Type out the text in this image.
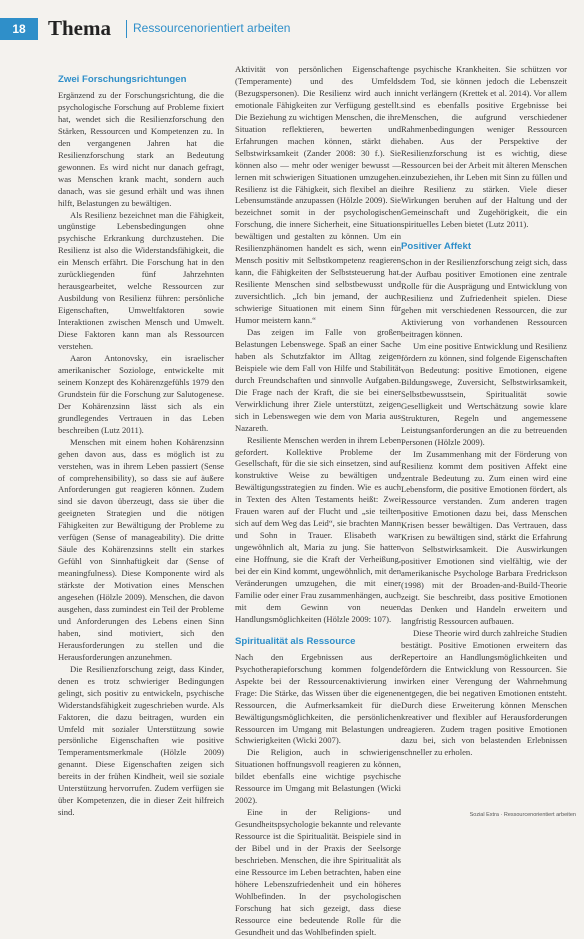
18	Thema Ressourcenorientiert arbeiten
Zwei Forschungsrichtungen

Ergänzend zu der Forschungsrichtung, die die psychologische Forschung auf Probleme fixiert hat, wendet sich die Resilienzforschung den Stärken, Ressourcen und Kompetenzen zu. In den vergangenen Jahren hat die Resilienzforschung stark an Bedeutung gewonnen. Es wird nicht nur danach gefragt, was Menschen krank macht, sondern auch danach, was sie gesund erhält und was ihnen hilft, Belastungen zu bewältigen.

Als Resilienz bezeichnet man die Fähigkeit, ungünstige Lebensbedingungen ohne psychische Erkrankung durchzustehen. Die Resilienz ist also die Widerstandsfähigkeit, die ein Mensch erfährt. Die Forschung hat in den zurückliegenden fünf Jahrzehnten herausgearbeitet, welche Ressourcen zur Ausbildung von Resilienz führen: persönliche Eigenschaften, Umweltfaktoren sowie Interaktionen zwischen Mensch und Umwelt. Diese Faktoren kann man als Ressourcen verstehen.

Aaron Antonovsky, ein israelischer amerikanischer Soziologe, entwickelte mit seinem Konzept des Kohärenzgefühls 1979 den Grundstein für die Forschung zur Salutogenese. Der Kohärenzsinn lässt sich als ein grundlegendes Vertrauen in das Leben beschreiben (Lutz 2011).

Menschen mit einem hohen Kohärenzsinn gehen davon aus, dass es möglich ist zu verstehen, was in ihrem Leben passiert (Sense of comprehensibility), so dass sie auf äußere Anforderungen gut reagieren können. Zudem sind sie davon überzeugt, dass sie über die geeigneten Strategien und die nötigen Fähigkeiten zur Bewältigung der Probleme zu verfügen (Sense of manageability). Die dritte Säule des Kohärenzsinns stellt ein starkes Gefühl von Sinnhaftigkeit dar (Sense of meaningfulness). Diese Komponente wird als stärkste der Motivation eines Menschen angesehen (Hölzle 2009). Menschen, die davon ausgehen, dass zumindest ein Teil der Probleme und Anforderungen des Lebens einen Sinn haben, sind motiviert, sich den Herausforderungen zu stellen und die Herausforderungen anzunehmen.

Die Resilienzforschung zeigt, dass Kinder, denen es trotz schwieriger Bedingungen gelingt, sich positiv zu entwickeln, psychische Widerstandsfähigkeit zugeschrieben wurde. Als Faktoren, die dazu beitragen, wurden ein Umfeld mit sozialer Unterstützung sowie persönliche Eigenschaften wie positive Temperamentsmerkmale (Hölzle 2009) genannt. Diese Eigenschaften zeigen sich bereits in der frühen Kindheit, weil sie soziale Unterstützung hervorrufen. Zudem verfügen sie über Kompetenzen, die in dieser Zeit hilfreich sind.

Aktivität von persönlichen Eigenschaften (Temperamente) und des Umfelds (Bezugspersonen). Die Resilienz wird auch in emotionale Fähigkeiten zur Verfügung gestellt. Die Beziehung zu wichtigen Menschen, die ihre Situation reflektieren, bewerten und Erfahrungen machen können, stärkt die Selbstwirksamkeit (Zander 2008: 30 f.). Sie können also — mehr oder weniger bewusst — lernen mit schwierigen Situationen umzugehen. Resilienz ist die Fähigkeit, sich flexibel an die Lebensumstände anzupassen (Hölzle 2009). Sie bezeichnet somit in der psychologischen Forschung, die innere Sicherheit, eine Situation bewältigen und gestalten zu können. Um ein Resilienzphänomen handelt es sich, wenn ein Mensch positiv mit Selbstkompetenz reagieren kann, die Fähigkeiten der Selbststeuerung hat. Resiliente Menschen sind selbstbewusst und zuversichtlich. „Ich bin jemand, der auch schwierige Situationen mit einem Sinn für Humor meistern kann.“

Das zeigen im Falle von großen Belastungen Lebenswege. Spaß an einer Sache haben als Schutzfaktor im Alltag zeigen Beispiele wie dem Fall von Hilfe und Stabilität durch Freundschaften und sinnvolle Aufgaben. Die Frage nach der Kraft, die sie bei einer Verwirklichung ihrer Ziele unterstützt, zeigen sich in Lebenswegen wie dem von Maria aus Nazareth.

Resiliente Menschen werden in ihrem Leben gefordert. Kollektive Probleme der Gesellschaft, für die sie sich einsetzen, sind auf konstruktive Weise zu bewältigen und Bewältigungsstrategien zu finden. Wie es auch in Texten des Alten Testaments heißt: Zwei Frauen waren auf der Flucht und „sie teilten sich auf dem Weg das Leid“, sie brachten Mann und Sohn in Trauer. Elisabeth war ungewöhnlich alt, Maria zu jung. Sie hatten eine Hoffnung, sie die Kraft der Verheißung, bei der ein Kind kommt, ungewöhnlich, mit den Veränderungen umzugehen, die mit einer Familie oder einer Frau zusammenhängen, auch mit dem Gewinn von neuen Handlungsmöglichkeiten (Hölzle 2009: 107).

Spiritualität als Ressource

Nach den Ergebnissen aus der Psychotherapieforschung kommen folgende Aspekte bei der Ressourcenaktivierung in Frage: Die Stärke, das Wissen über die eigenen Ressourcen, die Aufmerksamkeit für die Bewältigungsmöglichkeiten, die persönlichen Ressourcen im Umgang mit Belastungen und Schwierigkeiten (Wicki 2007).

Die Religion, auch in schwierigen Situationen hoffnungsvoll reagieren zu können, bildet ebenfalls eine wichtige psychische Ressource im Umgang mit Belastungen (Wicki 2002).

Eine in der Religions- und Gesundheitspsychologie bekannte und relevante Ressource ist die Spiritualität. Beispiele sind in der Bibel und in der Praxis der Seelsorge beschrieben. Menschen, die ihre Spiritualität als eine Ressource im Leben betrachten, haben eine höhere Lebenszufriedenheit und ein höheres Wohlbefinden. In der psychologischen Forschung hat sich gezeigt, dass diese Ressource eine bedeutende Rolle für die Gesundheit und das Wohlbefinden spielt.

ge psychische Krankheiten. Sie schützen vor dem Tod, sie können jedoch die Lebenszeit nicht verlängern (Krettek et al. 2014). Vor allem sind es ebenfalls positive Ergebnisse bei Menschen, die aufgrund verschiedener Rahmenbedingungen weniger Ressourcen haben. Aus der Perspektive der Resilienzforschung ist es wichtig, diese Ressourcen bei der Arbeit mit älteren Menschen einzubeziehen, ihr Leben mit Sinn zu füllen und ihre Resilienz zu stärken. Viele dieser Wirkungen beruhen auf der Haltung und der Gemeinschaft und Zugehörigkeit, die ein spirituelles Leben bietet (Lutz 2011).

Positiver Affekt

Schon in der Resilienzforschung zeigt sich, dass der Aufbau positiver Emotionen eine zentrale Rolle für die Ausprägung und Entwicklung von Resilienz und Zufriedenheit spielen. Diese gehen mit verschiedenen Ressourcen, die zur Aktivierung von vorhandenen Ressourcen beitragen können.

Um eine positive Entwicklung und Resilienz fördern zu können, sind folgende Eigenschaften von Bedeutung: positive Emotionen, eigene Bildungswege, Zuversicht, Selbstwirksamkeit, Selbstbewusstsein, Spiritualität sowie Geselligkeit und Wertschätzung sowie klare Strukturen, Regeln und angemessene Leistungsanforderungen an die zu betreuenden Personen (Hölzle 2009).

Im Zusammenhang mit der Förderung von Resilienz kommt dem positiven Affekt eine zentrale Bedeutung zu. Zum einen wird eine Lebensform, die positive Emotionen fördert, als Ressource verstanden. Zum anderen tragen positive Emotionen dazu bei, dass Menschen Krisen besser bewältigen. Das Vertrauen, dass Krisen zu bewältigen sind, stärkt die Erfahrung von Selbstwirksamkeit. Die Auswirkungen positiver Emotionen sind vielfältig, wie der amerikanische Psychologe Barbara Fredrickson (1998) mit der Broaden-and-Build-Theorie zeigt. Sie beschreibt, dass positive Emotionen das Denken und Handeln erweitern und langfristig Ressourcen aufbauen.

Diese Theorie wird durch zahlreiche Studien bestätigt. Positive Emotionen erweitern das Repertoire an Handlungsmöglichkeiten und fördern die Entwicklung von Ressourcen. Sie wirken einer Verengung der Wahrnehmung entgegen, die bei negativen Emotionen entsteht. Durch diese Erweiterung können Menschen kreativer und flexibler auf Herausforderungen reagieren. Zudem tragen positive Emotionen dazu bei, sich von belastenden Erlebnissen schneller zu erholen.

Sozial Extra · Ressourcenorientiert arbeiten
